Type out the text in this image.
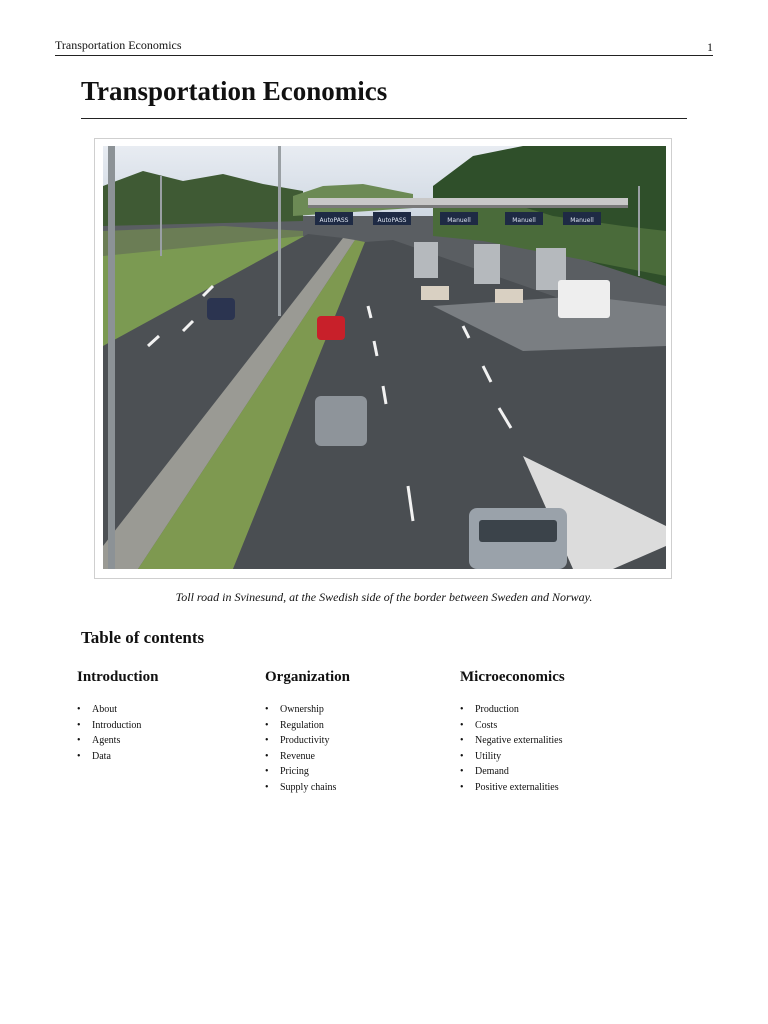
Transportation Economics	1
Transportation Economics
AutoPASS	AutoPASS	Manuell	Manuell	Manuell
Toll road in Svinesund, at the Swedish side of the border between Sweden and Norway.
Table of contents
Introduction
• About
• Introduction
• Agents
• Data
Organization
• Ownership
• Regulation
• Productivity
• Revenue
• Pricing
• Supply chains
Microeconomics
• Production
• Costs
• Negative externalities
• Utility
• Demand
• Positive externalities
